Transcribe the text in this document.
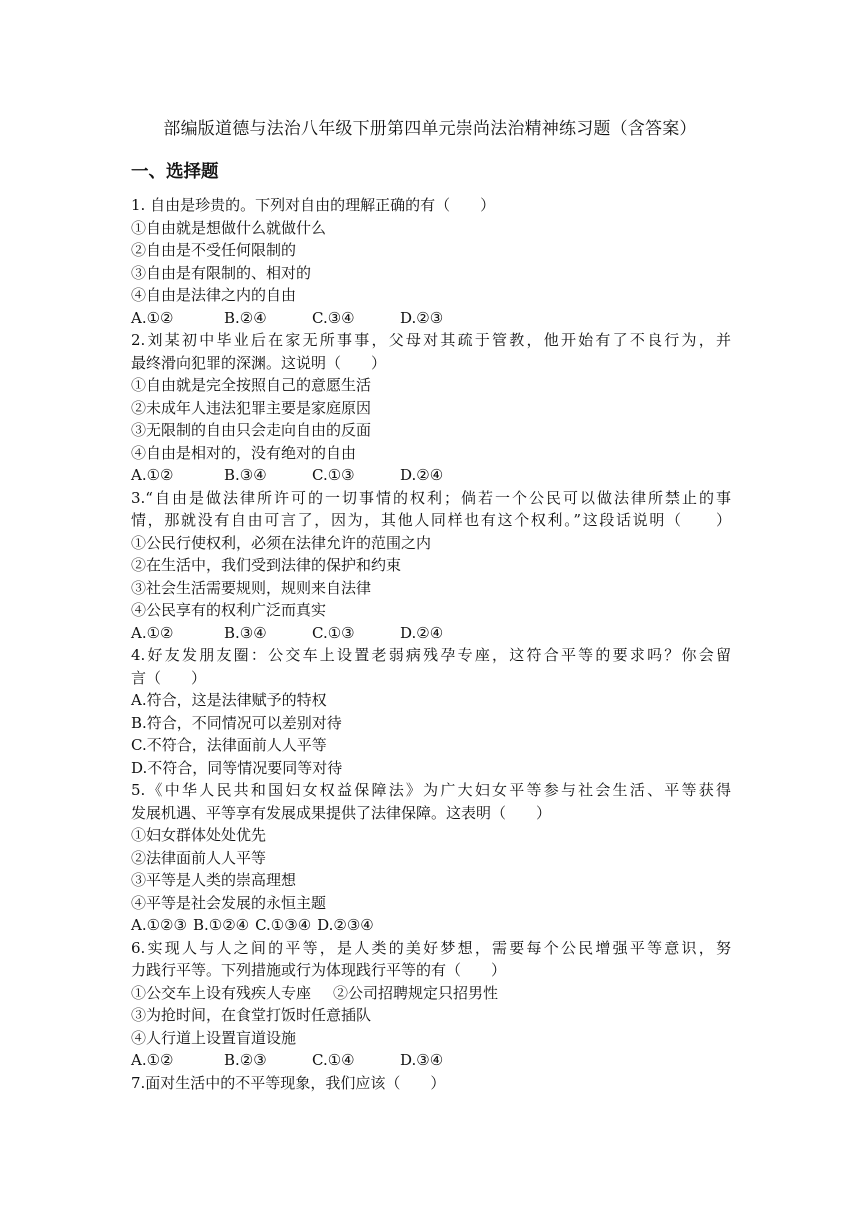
部编版道德与法治八年级下册第四单元崇尚法治精神练习题（含答案）
一、选择题
1. 自由是珍贵的。下列对自由的理解正确的有（　　）
①自由就是想做什么就做什么
②自由是不受任何限制的
③自由是有限制的、相对的
④自由是法律之内的自由
A.①②	B.②④	C.③④	D.②③
2.刘某初中毕业后在家无所事事，父母对其疏于管教，他开始有了不良行为，并
最终滑向犯罪的深渊。这说明（　　）
①自由就是完全按照自己的意愿生活
②未成年人违法犯罪主要是家庭原因
③无限制的自由只会走向自由的反面
④自由是相对的，没有绝对的自由
A.①②	B.③④	C.①③	D.②④
3.“自由是做法律所许可的一切事情的权利；倘若一个公民可以做法律所禁止的事
情，那就没有自由可言了，因为，其他人同样也有这个权利。”这段话说明（　　）
①公民行使权利，必须在法律允许的范围之内
②在生活中，我们受到法律的保护和约束
③社会生活需要规则，规则来自法律
④公民享有的权利广泛而真实
A.①②	B.③④	C.①③	D.②④
4.好友发朋友圈：公交车上设置老弱病残孕专座，这符合平等的要求吗？你会留
言（　　）
A.符合，这是法律赋予的特权
B.符合，不同情况可以差别对待
C.不符合，法律面前人人平等
D.不符合，同等情况要同等对待
5.《中华人民共和国妇女权益保障法》为广大妇女平等参与社会生活、平等获得
发展机遇、平等享有发展成果提供了法律保障。这表明（　　）
①妇女群体处处优先
②法律面前人人平等
③平等是人类的崇高理想
④平等是社会发展的永恒主题
A.①②③ B.①②④ C.①③④ D.②③④
6.实现人与人之间的平等，是人类的美好梦想，需要每个公民增强平等意识，努
力践行平等。下列措施或行为体现践行平等的有（　　）
①公交车上设有残疾人专座 ②公司招聘规定只招男性
③为抢时间，在食堂打饭时任意插队
④人行道上设置盲道设施
A.①②	B.②③	C.①④	D.③④
7.面对生活中的不平等现象，我们应该（　　）
